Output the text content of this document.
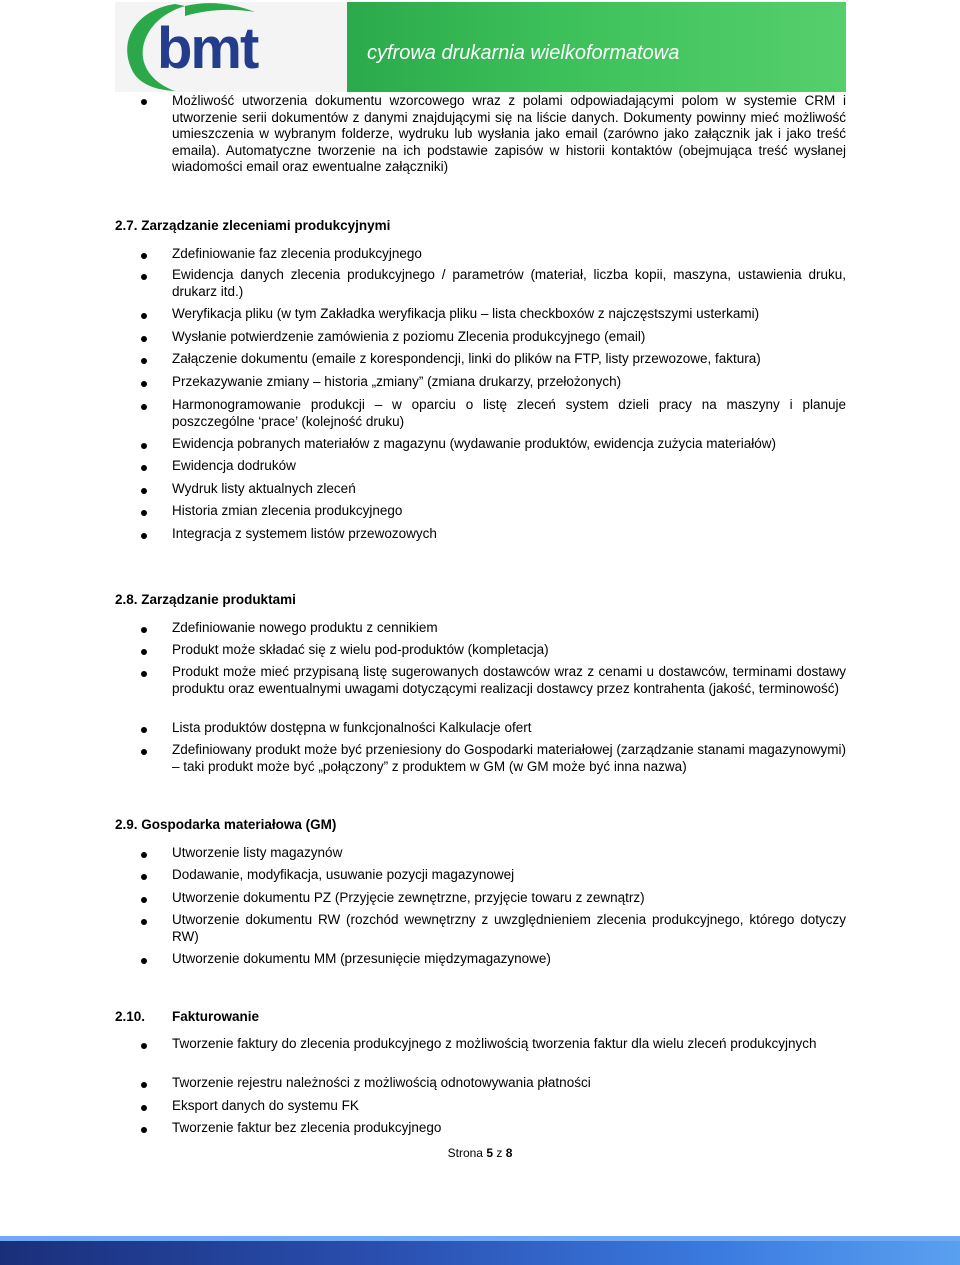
bmt	cyfrowa drukarnia wielkoformatowa
Możliwość utworzenia dokumentu wzorcowego wraz z polami odpowiadającymi polom w systemie CRM i utworzenie serii dokumentów z danymi znajdującymi się na liście danych. Dokumenty powinny mieć możliwość umieszczenia w wybranym folderze, wydruku lub wysłania jako email (zarówno jako załącznik jak i jako treść emaila). Automatyczne tworzenie na ich podstawie zapisów w historii kontaktów (obejmująca treść wysłanej wiadomości email oraz ewentualne załączniki)
2.7. Zarządzanie zleceniami produkcyjnymi
Zdefiniowanie faz zlecenia produkcyjnego
Ewidencja danych zlecenia produkcyjnego / parametrów (materiał, liczba kopii, maszyna, ustawienia druku, drukarz itd.)
Weryfikacja pliku (w tym Zakładka weryfikacja pliku – lista checkboxów z najczęstszymi usterkami)
Wysłanie potwierdzenie zamówienia z poziomu Zlecenia produkcyjnego (email)
Załączenie dokumentu (emaile z korespondencji, linki do plików na FTP, listy przewozowe, faktura)
Przekazywanie zmiany – historia „zmiany” (zmiana drukarzy, przełożonych)
Harmonogramowanie produkcji – w oparciu o listę zleceń system dzieli pracy na maszyny i planuje poszczególne ‘prace’ (kolejność druku)
Ewidencja pobranych materiałów z magazynu (wydawanie produktów, ewidencja zużycia materiałów)
Ewidencja dodruków
Wydruk listy aktualnych zleceń
Historia zmian zlecenia produkcyjnego
Integracja z systemem listów przewozowych
2.8. Zarządzanie produktami
Zdefiniowanie nowego produktu z cennikiem
Produkt może składać się z wielu pod-produktów (kompletacja)
Produkt może mieć przypisaną listę sugerowanych dostawców wraz z cenami u dostawców, terminami dostawy produktu oraz ewentualnymi uwagami dotyczącymi realizacji dostawcy przez kontrahenta (jakość, terminowość)
Lista produktów dostępna w funkcjonalności Kalkulacje ofert
Zdefiniowany produkt może być przeniesiony do Gospodarki materiałowej (zarządzanie stanami magazynowymi) – taki produkt może być „połączony” z produktem w GM (w GM może być inna nazwa)
2.9. Gospodarka materiałowa (GM)
Utworzenie listy magazynów
Dodawanie, modyfikacja, usuwanie pozycji magazynowej
Utworzenie dokumentu PZ (Przyjęcie zewnętrzne, przyjęcie towaru z zewnątrz)
Utworzenie dokumentu RW (rozchód wewnętrzny z uwzględnieniem zlecenia produkcyjnego, którego dotyczy RW)
Utworzenie dokumentu MM (przesunięcie międzymagazynowe)
2.10. Fakturowanie
Tworzenie faktury do zlecenia produkcyjnego z możliwością tworzenia faktur dla wielu zleceń produkcyjnych
Tworzenie rejestru należności z możliwością odnotowywania płatności
Eksport danych do systemu FK
Tworzenie faktur bez zlecenia produkcyjnego
Strona 5 z 8
